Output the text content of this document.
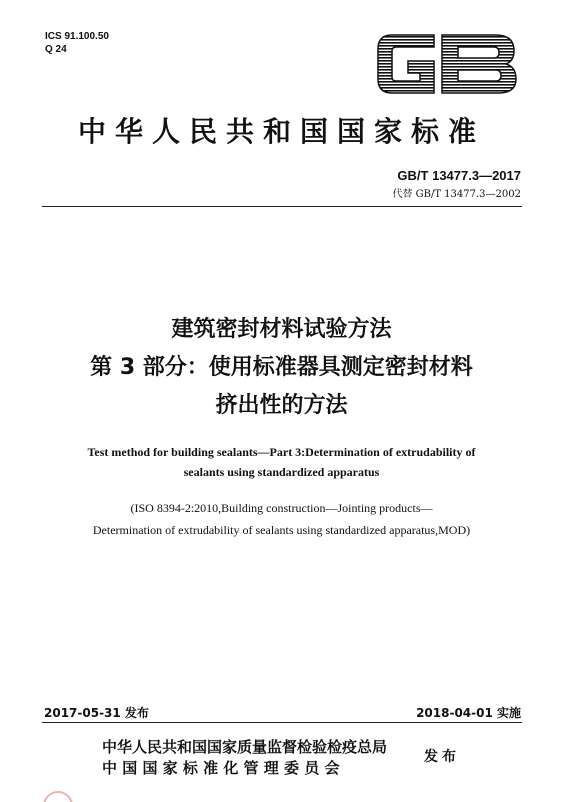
ICS 91.100.50
Q 24
中华人民共和国国家标准
GB/T 13477.3—2017
代替 GB/T 13477.3—2002
建筑密封材料试验方法
第 3 部分：使用标准器具测定密封材料
挤出性的方法
Test method for building sealants—Part 3:Determination of extrudability of
sealants using standardized apparatus
(ISO 8394-2:2010,Building construction—Jointing products—
Determination of extrudability of sealants using standardized apparatus,MOD)
2017-05-31 发布	2018-04-01 实施
中华人民共和国国家质量监督检验检疫总局
中 国 国 家 标 准 化 管 理 委 员 会
发布
